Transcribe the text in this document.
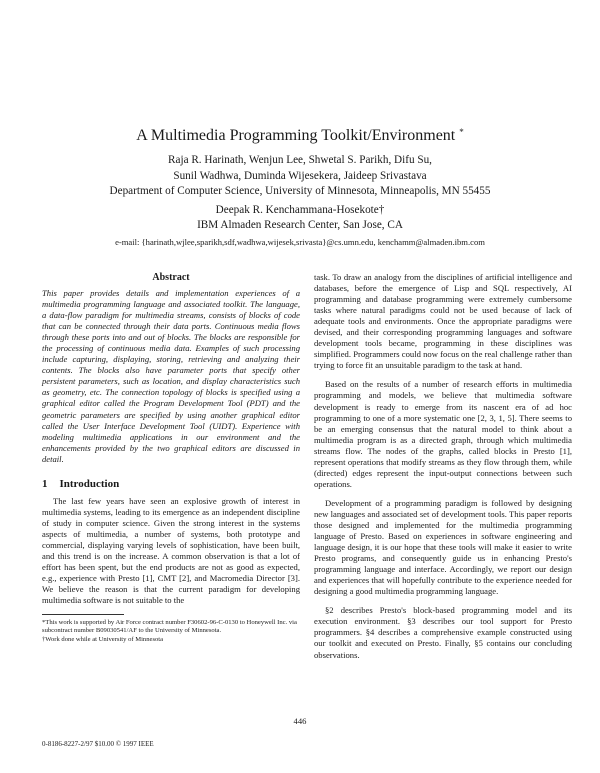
A Multimedia Programming Toolkit/Environment *
Raja R. Harinath, Wenjun Lee, Shwetal S. Parikh, Difu Su,
Sunil Wadhwa, Duminda Wijesekera, Jaideep Srivastava
Department of Computer Science, University of Minnesota, Minneapolis, MN 55455
Deepak R. Kenchammana-Hosekote†
IBM Almaden Research Center, San Jose, CA
e-mail: {harinath,wjlee,sparikh,sdf,wadhwa,wijesek,srivasta}@cs.umn.edu, kenchamm@almaden.ibm.com
Abstract

This paper provides details and implementation experiences of a multimedia programming language and associated toolkit. The language, a data-flow paradigm for multimedia streams, consists of blocks of code that can be connected through their data ports. Continuous media flows through these ports into and out of blocks. The blocks are responsible for the processing of continuous media data. Examples of such processing include capturing, displaying, storing, retrieving and analyzing their contents. The blocks also have parameter ports that specify other persistent parameters, such as location, and display characteristics such as geometry, etc. The connection topology of blocks is specified using a graphical editor called the Program Development Tool (PDT) and the geometric parameters are specified by using another graphical editor called the User Interface Development Tool (UIDT). Experience with modeling multimedia applications in our environment and the enhancements provided by the two graphical editors are discussed in detail.

1 Introduction

The last few years have seen an explosive growth of interest in multimedia systems, leading to its emergence as an independent discipline of study in computer science. Given the strong interest in the systems aspects of multimedia, a number of systems, both prototype and commercial, displaying varying levels of sophistication, have been built, and this trend is on the increase. A common observation is that a lot of effort has been spent, but the end products are not as good as expected, e.g., experience with Presto [1], CMT [2], and Macromedia Director [3]. We believe the reason is that the current paradigm for developing multimedia software is not suitable to the

*This work is supported by Air Force contract number F30602-96-C-0130 to Honeywell Inc. via subcontract number B09030541/AF to the University of Minnesota.
†Work done while at University of Minnesota

task. To draw an analogy from the disciplines of artificial intelligence and databases, before the emergence of Lisp and SQL respectively, AI programming and database programming were extremely cumbersome tasks where natural paradigms could not be used because of lack of adequate tools and environments. Once the appropriate paradigms were devised, and their corresponding programming languages and software development tools became, programming in these disciplines was simplified. Programmers could now focus on the real challenge rather than trying to force fit an unsuitable paradigm to the task at hand.

Based on the results of a number of research efforts in multimedia programming and models, we believe that multimedia software development is ready to emerge from its nascent era of ad hoc programming to one of a more systematic one [2, 3, 1, 5]. There seems to be an emerging consensus that the natural model to think about a multimedia program is as a directed graph, through which multimedia streams flow. The nodes of the graphs, called blocks in Presto [1], represent operations that modify streams as they flow through them, while (directed) edges represent the input-output connections between such operations.

Development of a programming paradigm is followed by designing new languages and associated set of development tools. This paper reports those designed and implemented for the multimedia programming language of Presto. Based on experiences in software engineering and language design, it is our hope that these tools will make it easier to write Presto programs, and consequently guide us in enhancing Presto's programming language and interface. Accordingly, we report our design and experiences that will hopefully contribute to the experience needed for designing a good multimedia programming language.

§2 describes Presto's block-based programming model and its execution environment. §3 describes our tool support for Presto programmers. §4 describes a comprehensive example constructed using our toolkit and executed on Presto. Finally, §5 contains our concluding observations.

446
0-8186-8227-2/97 $10.00 © 1997 IEEE
